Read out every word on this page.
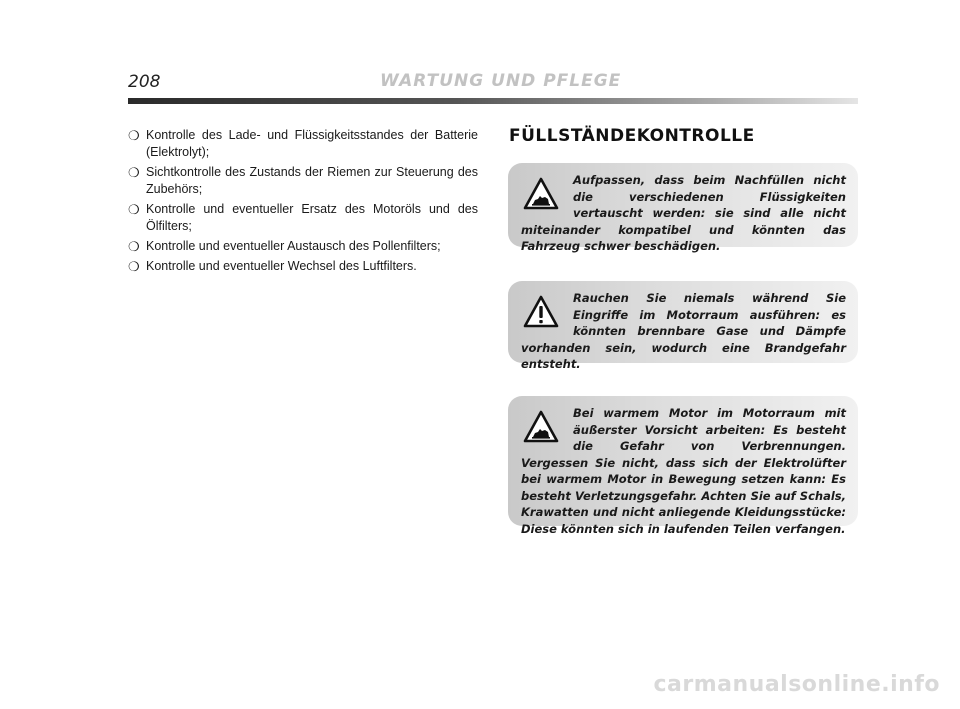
208	WARTUNG UND PFLEGE
❍ Kontrolle des Lade- und Flüssigkeitsstandes der Batterie (Elektrolyt);
❍ Sichtkontrolle des Zustands der Riemen zur Steuerung des Zubehörs;
❍ Kontrolle und eventueller Ersatz des Motoröls und des Ölfilters;
❍ Kontrolle und eventueller Austausch des Pollenfilters;
❍ Kontrolle und eventueller Wechsel des Luftfilters.
FÜLLSTÄNDEKONTROLLE

Aufpassen, dass beim Nachfüllen nicht die verschiedenen Flüssigkeiten vertauscht werden: sie sind alle nicht miteinander kompatibel und könnten das Fahrzeug schwer beschädigen.

Rauchen Sie niemals während Sie Eingriffe im Motorraum ausführen: es könnten brennbare Gase und Dämpfe vorhanden sein, wodurch eine Brandgefahr entsteht.

Bei warmem Motor im Motorraum mit äußerster Vorsicht arbeiten: Es besteht die Gefahr von Verbrennungen. Vergessen Sie nicht, dass sich der Elektrolüfter bei warmem Motor in Bewegung setzen kann: Es besteht Verletzungsgefahr. Achten Sie auf Schals, Krawatten und nicht anliegende Kleidungsstücke: Diese könnten sich in laufenden Teilen verfangen.

carmanualsonline.info
